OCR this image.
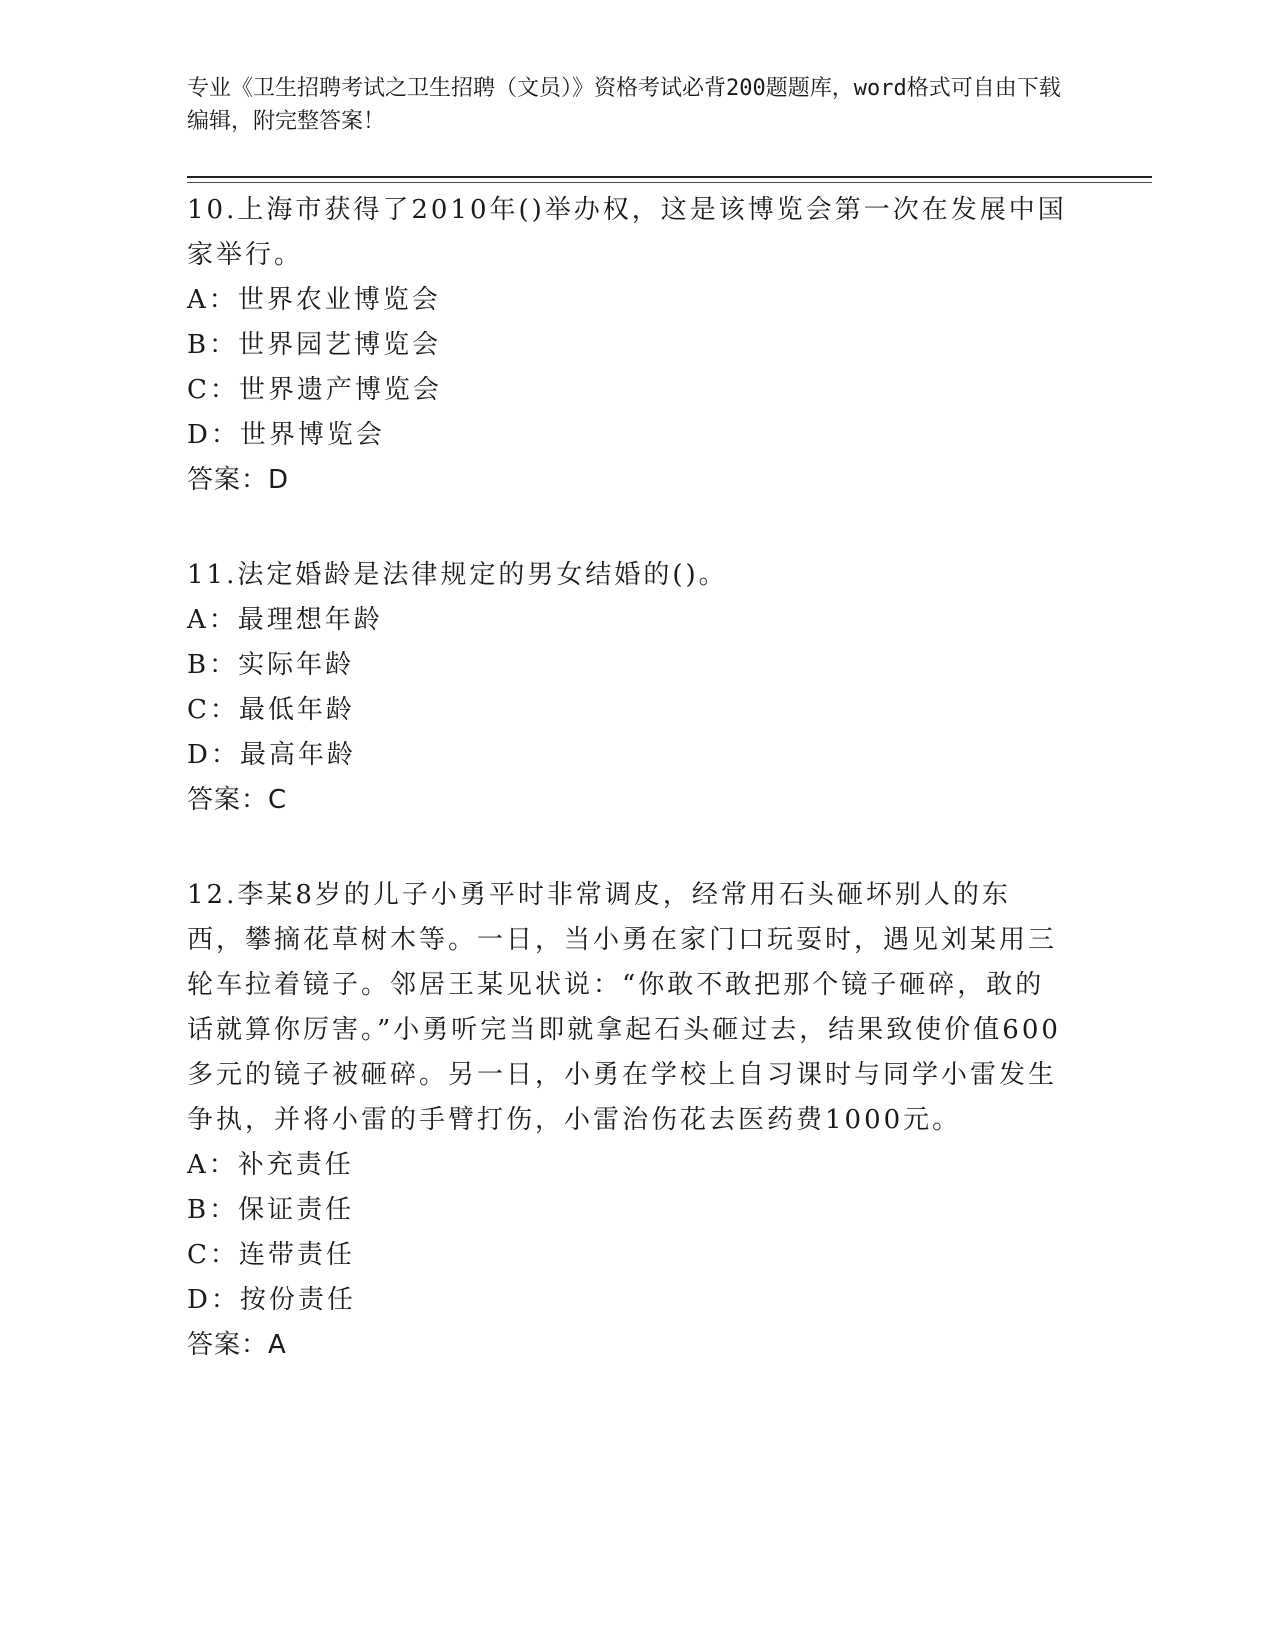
专业《卫生招聘考试之卫生招聘（文员）》资格考试必背200题题库，word格式可自由下载编辑，附完整答案！

10.上海市获得了2010年()举办权，这是该博览会第一次在发展中国家举行。

A：世界农业博览会

B：世界园艺博览会

C：世界遗产博览会

D：世界博览会

答案：D

11.法定婚龄是法律规定的男女结婚的()。

A：最理想年龄

B：实际年龄

C：最低年龄

D：最高年龄

答案：C

12.李某8岁的儿子小勇平时非常调皮，经常用石头砸坏别人的东西，攀摘花草树木等。一日，当小勇在家门口玩耍时，遇见刘某用三轮车拉着镜子。邻居王某见状说：“你敢不敢把那个镜子砸碎，敢的话就算你厉害。”小勇听完当即就拿起石头砸过去，结果致使价值600多元的镜子被砸碎。另一日，小勇在学校上自习课时与同学小雷发生争执，并将小雷的手臂打伤，小雷治伤花去医药费1000元。

A：补充责任

B：保证责任

C：连带责任

D：按份责任

答案：A
